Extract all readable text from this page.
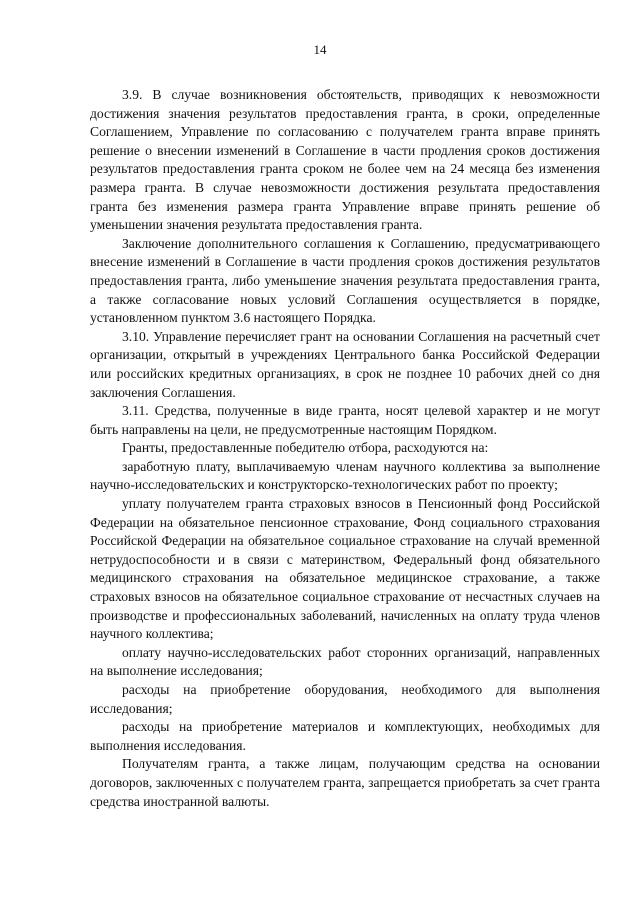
14

3.9. В случае возникновения обстоятельств, приводящих к невозможности достижения значения результатов предоставления гранта, в сроки, определенные Соглашением, Управление по согласованию с получателем гранта вправе принять решение о внесении изменений в Соглашение в части продления сроков достижения результатов предоставления гранта сроком не более чем на 24 месяца без изменения размера гранта. В случае невозможности достижения результата предоставления гранта без изменения размера гранта Управление вправе принять решение об уменьшении значения результата предоставления гранта.

Заключение дополнительного соглашения к Соглашению, предусматривающего внесение изменений в Соглашение в части продления сроков достижения результатов предоставления гранта, либо уменьшение значения результата предоставления гранта, а также согласование новых условий Соглашения осуществляется в порядке, установленном пунктом 3.6 настоящего Порядка.

3.10. Управление перечисляет грант на основании Соглашения на расчетный счет организации, открытый в учреждениях Центрального банка Российской Федерации или российских кредитных организациях, в срок не позднее 10 рабочих дней со дня заключения Соглашения.

3.11. Средства, полученные в виде гранта, носят целевой характер и не могут быть направлены на цели, не предусмотренные настоящим Порядком.

Гранты, предоставленные победителю отбора, расходуются на:

заработную плату, выплачиваемую членам научного коллектива за выполнение научно-исследовательских и конструкторско-технологических работ по проекту;

уплату получателем гранта страховых взносов в Пенсионный фонд Российской Федерации на обязательное пенсионное страхование, Фонд социального страхования Российской Федерации на обязательное социальное страхование на случай временной нетрудоспособности и в связи с материнством, Федеральный фонд обязательного медицинского страхования на обязательное медицинское страхование, а также страховых взносов на обязательное социальное страхование от несчастных случаев на производстве и профессиональных заболеваний, начисленных на оплату труда членов научного коллектива;

оплату научно-исследовательских работ сторонних организаций, направленных на выполнение исследования;

расходы на приобретение оборудования, необходимого для выполнения исследования;

расходы на приобретение материалов и комплектующих, необходимых для выполнения исследования.

Получателям гранта, а также лицам, получающим средства на основании договоров, заключенных с получателем гранта, запрещается приобретать за счет гранта средства иностранной валюты.
